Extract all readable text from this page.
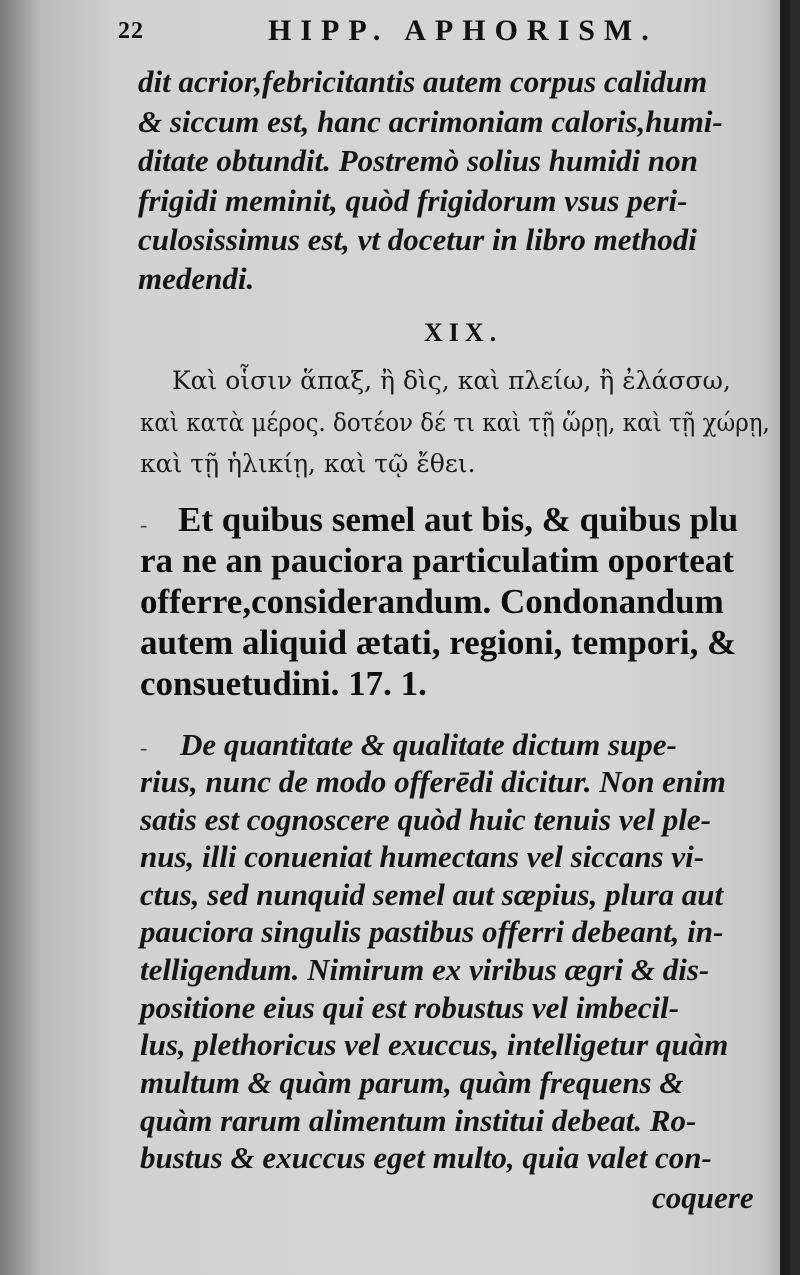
22	HIPP. APHORISM.
dit acrior,febricitantis autem corpus calidum
& siccum est, hanc acrimoniam caloris,humi-
ditate obtundit. Postremò solius humidi non
frigidi meminit, quòd frigidorum vsus peri-
culosissimus est, vt docetur in libro methodi
medendi.
XIX.
Καὶ οἷσιν ἅπαξ, ἢ δὶς, καὶ πλείω, ἢ ἐλάσσω,
καὶ κατὰ μέρος. δοτέον δέ τι καὶ τῇ ὥρῃ, καὶ τῇ χώρῃ,
καὶ τῇ ἡλικίῃ, καὶ τῷ ἔθει.
- Et quibus semel aut bis, & quibus plu
ra ne an pauciora particulatim oporteat
offerre,considerandum. Condonandum
autem aliquid ætati, regioni, tempori, &
consuetudini. 17. 1.
- De quantitate & qualitate dictum supe-
rius, nunc de modo offerēdi dicitur. Non enim
satis est cognoscere quòd huic tenuis vel ple-
nus, illi conueniat humectans vel siccans vi-
ctus, sed nunquid semel aut sæpius, plura aut
pauciora singulis pastibus offerri debeant, in-
telligendum. Nimirum ex viribus ægri & dis-
positione eius qui est robustus vel imbecil-
lus, plethoricus vel exuccus, intelligetur quàm
multum & quàm parum, quàm frequens &
quàm rarum alimentum institui debeat. Ro-
bustus & exuccus eget multo, quia valet con-
coquere
